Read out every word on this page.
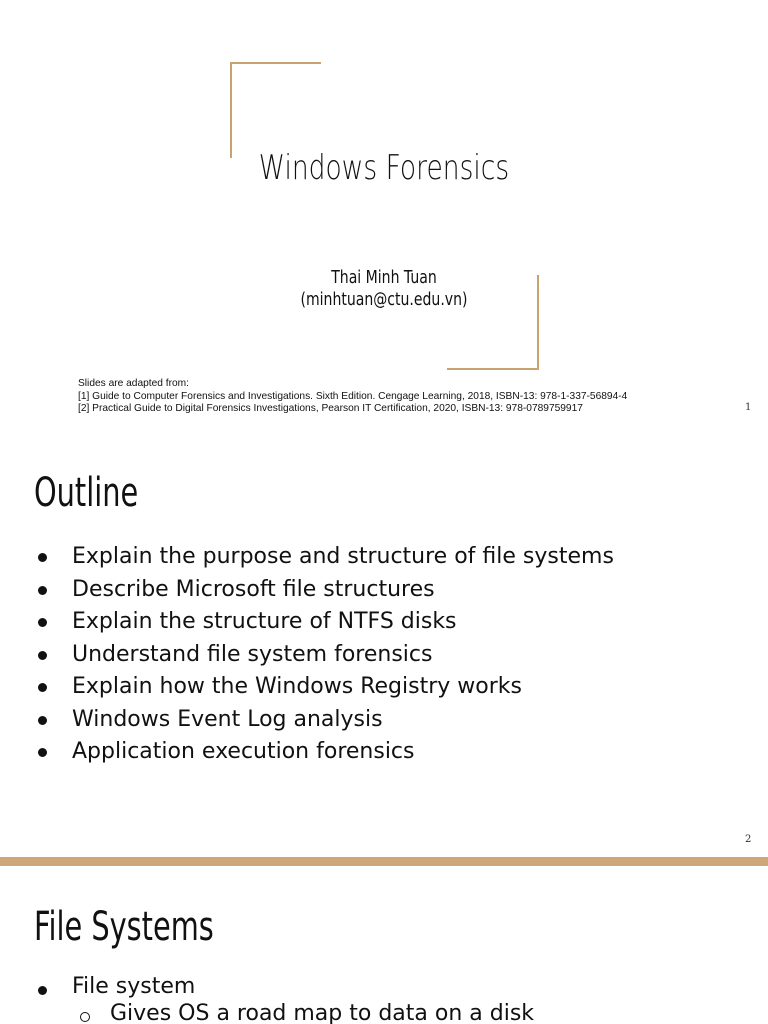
Windows Forensics
Thai Minh Tuan
(minhtuan@ctu.edu.vn)
Slides are adapted from:
[1] Guide to Computer Forensics and Investigations. Sixth Edition. Cengage Learning, 2018, ISBN-13: 978-1-337-56894-4
[2] Practical Guide to Digital Forensics Investigations, Pearson IT Certification, 2020, ISBN-13: 978-0789759917	1
Outline
Explain the purpose and structure of file systems
Describe Microsoft file structures
Explain the structure of NTFS disks
Understand file system forensics
Explain how the Windows Registry works
Windows Event Log analysis
Application execution forensics
2
File Systems
File system
Gives OS a road map to data on a disk
